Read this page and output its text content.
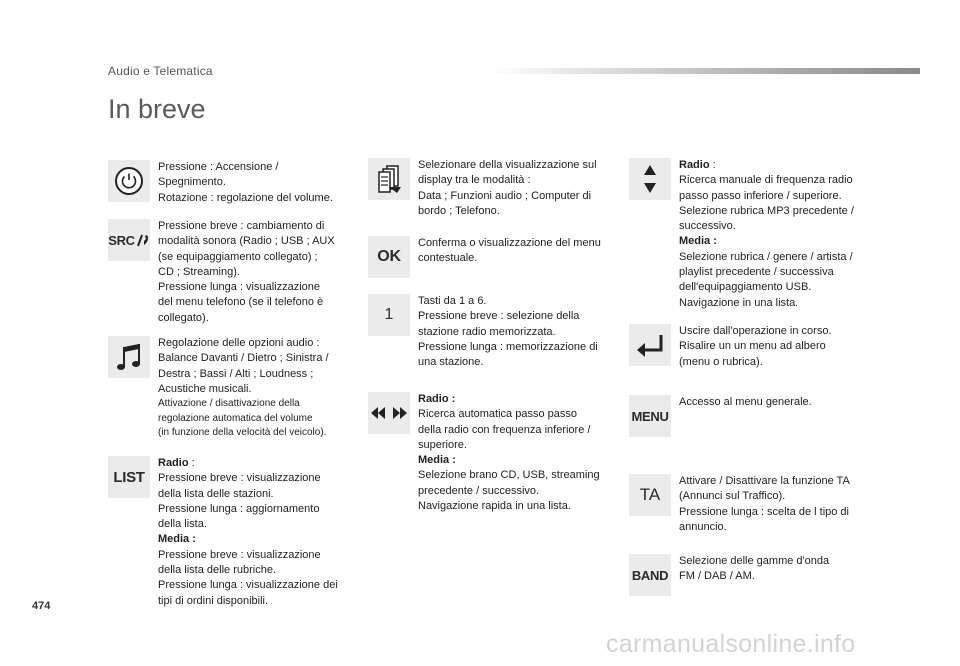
Audio e Telematica
In breve
Pressione : Accensione /
Spegnimento.
Rotazione : regolazione del volume.
SRC
Pressione breve : cambiamento di
modalità sonora (Radio ; USB ; AUX
(se equipaggiamento collegato) ;
CD ; Streaming).
Pressione lunga : visualizzazione
del menu telefono (se il telefono è
collegato).
Regolazione delle opzioni audio :
Balance Davanti / Dietro ; Sinistra /
Destra ; Bassi / Alti ; Loudness ;
Acustiche musicali.
Attivazione / disattivazione della
regolazione automatica del volume
(in funzione della velocità del veicolo).
LIST
Radio :
Pressione breve : visualizzazione
della lista delle stazioni.
Pressione lunga : aggiornamento
della lista.
Media :
Pressione breve : visualizzazione
della lista delle rubriche.
Pressione lunga : visualizzazione dei
tipi di ordini disponibili.
Selezionare della visualizzazione sul
display tra le modalità :
Data ; Funzioni audio ; Computer di
bordo ; Telefono.
OK
Conferma o visualizzazione del menu
contestuale.
1
Tasti da 1 a 6.
Pressione breve : selezione della
stazione radio memorizzata.
Pressione lunga : memorizzazione di
una stazione.
Radio :
Ricerca automatica passo passo
della radio con frequenza inferiore /
superiore.
Media :
Selezione brano CD, USB, streaming
precedente / successivo.
Navigazione rapida in una lista.
Radio :
Ricerca manuale di frequenza radio
passo passo inferiore / superiore.
Selezione rubrica MP3 precedente /
successivo.
Media :
Selezione rubrica / genere / artista /
playlist precedente / successiva
dell'equipaggiamento USB.
Navigazione in una lista.
Uscire dall'operazione in corso.
Risalire un un menu ad albero
(menu o rubrica).
MENU
Accesso al menu generale.
TA
Attivare / Disattivare la funzione TA
(Annunci sul Traffico).
Pressione lunga : scelta de l tipo di
annuncio.
BAND
Selezione delle gamme d'onda
FM / DAB / AM.
474
carmanualsonline.info
